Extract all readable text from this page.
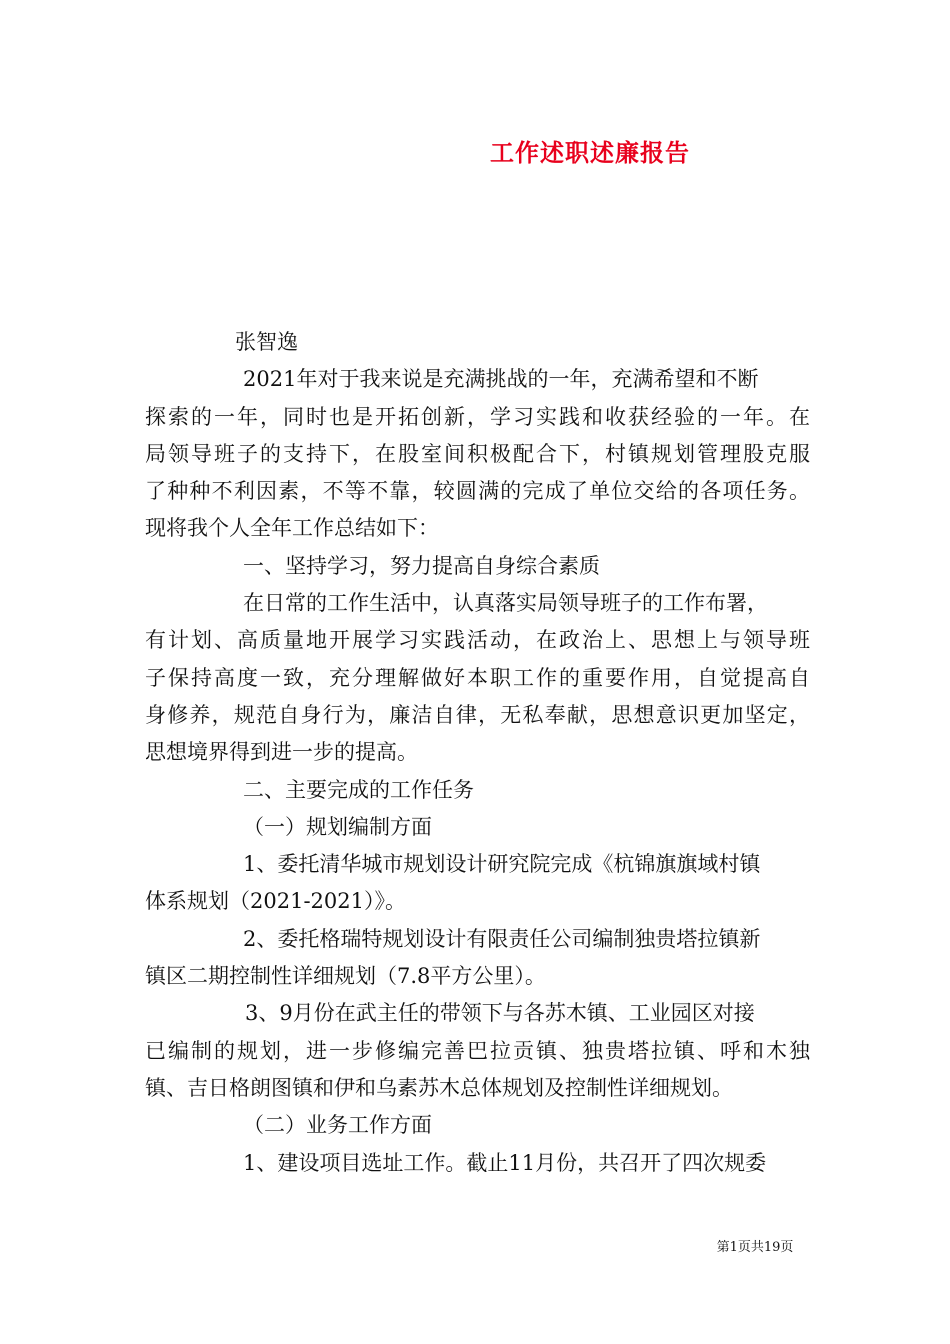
工作述职述廉报告
张智逸
2021年对于我来说是充满挑战的一年，充满希望和不断
探索的一年，同时也是开拓创新，学习实践和收获经验的一年。在
局领导班子的支持下，在股室间积极配合下，村镇规划管理股克服
了种种不利因素，不等不靠，较圆满的完成了单位交给的各项任务。
现将我个人全年工作总结如下：
一、坚持学习，努力提高自身综合素质
在日常的工作生活中，认真落实局领导班子的工作布署，
有计划、高质量地开展学习实践活动，在政治上、思想上与领导班
子保持高度一致，充分理解做好本职工作的重要作用，自觉提高自
身修养，规范自身行为，廉洁自律，无私奉献，思想意识更加坚定，
思想境界得到进一步的提高。
二、主要完成的工作任务
（一）规划编制方面
1、委托清华城市规划设计研究院完成《杭锦旗旗域村镇
体系规划（2021-2021）》。
2、委托格瑞特规划设计有限责任公司编制独贵塔拉镇新
镇区二期控制性详细规划（7.8平方公里）。
3、9月份在武主任的带领下与各苏木镇、工业园区对接
已编制的规划，进一步修编完善巴拉贡镇、独贵塔拉镇、呼和木独
镇、吉日格朗图镇和伊和乌素苏木总体规划及控制性详细规划。
（二）业务工作方面
1、建设项目选址工作。截止11月份，共召开了四次规委
第1页共19页
